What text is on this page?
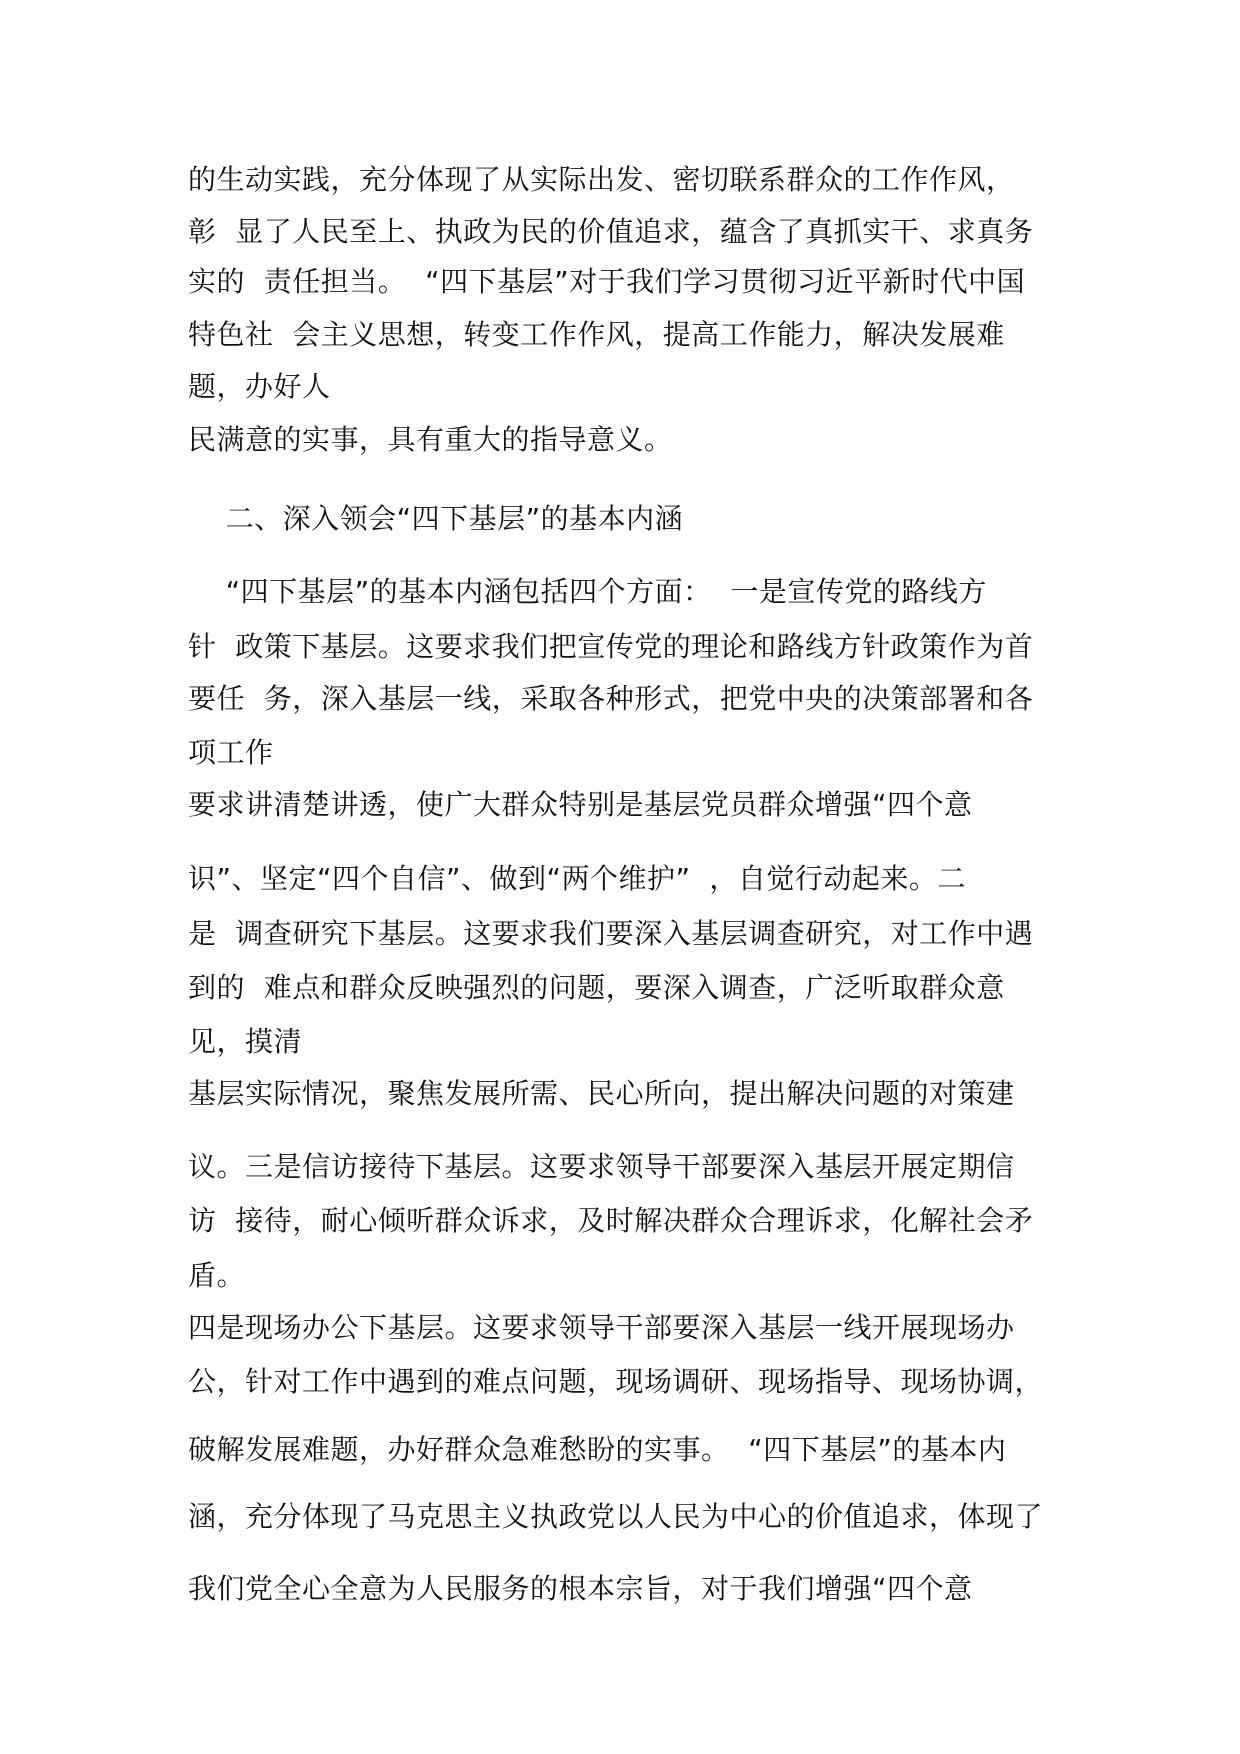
的生动实践，充分体现了从实际出发、密切联系群众的工作作风，

彰  显了人民至上、执政为民的价值追求，蕴含了真抓实干、求真务

实的  责任担当。  “四下基层”对于我们学习贯彻习近平新时代中国

特色社  会主义思想，转变工作作风，提高工作能力，解决发展难

题，办好人

民满意的实事，具有重大的指导意义。

二、深入领会“四下基层”的基本内涵

“四下基层”的基本内涵包括四个方面：  一是宣传党的路线方

针  政策下基层。这要求我们把宣传党的理论和路线方针政策作为首

要任  务，深入基层一线，采取各种形式，把党中央的决策部署和各

项工作

要求讲清楚讲透，使广大群众特别是基层党员群众增强“四个意

识”、坚定“四个自信”、做到“两个维护”  ，自觉行动起来。二

是  调查研究下基层。这要求我们要深入基层调查研究，对工作中遇

到的  难点和群众反映强烈的问题，要深入调查，广泛听取群众意

见，摸清

基层实际情况，聚焦发展所需、民心所向，提出解决问题的对策建

议。三是信访接待下基层。这要求领导干部要深入基层开展定期信

访  接待，耐心倾听群众诉求，及时解决群众合理诉求，化解社会矛

盾。

四是现场办公下基层。这要求领导干部要深入基层一线开展现场办

公，针对工作中遇到的难点问题，现场调研、现场指导、现场协调，

破解发展难题，办好群众急难愁盼的实事。  “四下基层”的基本内

涵，充分体现了马克思主义执政党以人民为中心的价值追求，体现了

我们党全心全意为人民服务的根本宗旨，对于我们增强“四个意
